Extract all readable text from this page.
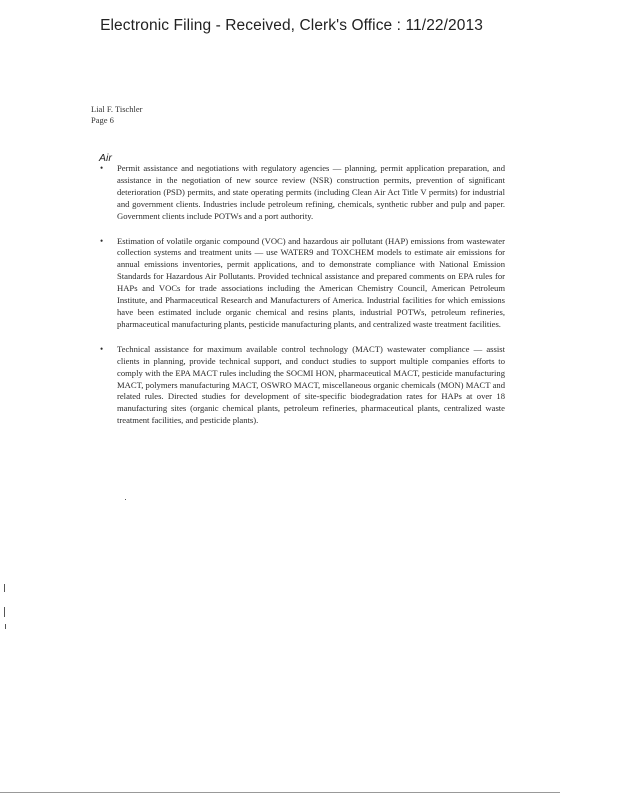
Electronic Filing - Received, Clerk's Office : 11/22/2013
Lial F. Tischler
Page 6
Air
• Permit assistance and negotiations with regulatory agencies — planning, permit application preparation, and assistance in the negotiation of new source review (NSR) construction permits, prevention of significant deterioration (PSD) permits, and state operating permits (including Clean Air Act Title V permits) for industrial and government clients. Industries include petroleum refining, chemicals, synthetic rubber and pulp and paper. Government clients include POTWs and a port authority.
• Estimation of volatile organic compound (VOC) and hazardous air pollutant (HAP) emissions from wastewater collection systems and treatment units — use WATER9 and TOXCHEM models to estimate air emissions for annual emissions inventories, permit applications, and to demonstrate compliance with National Emission Standards for Hazardous Air Pollutants. Provided technical assistance and prepared comments on EPA rules for HAPs and VOCs for trade associations including the American Chemistry Council, American Petroleum Institute, and Pharmaceutical Research and Manufacturers of America. Industrial facilities for which emissions have been estimated include organic chemical and resins plants, industrial POTWs, petroleum refineries, pharmaceutical manufacturing plants, pesticide manufacturing plants, and centralized waste treatment facilities.
• Technical assistance for maximum available control technology (MACT) wastewater compliance — assist clients in planning, provide technical support, and conduct studies to support multiple companies efforts to comply with the EPA MACT rules including the SOCMI HON, pharmaceutical MACT, pesticide manufacturing MACT, polymers manufacturing MACT, OSWRO MACT, miscellaneous organic chemicals (MON) MACT and related rules. Directed studies for development of site-specific biodegradation rates for HAPs at over 18 manufacturing sites (organic chemical plants, petroleum refineries, pharmaceutical plants, centralized waste treatment facilities, and pesticide plants).
